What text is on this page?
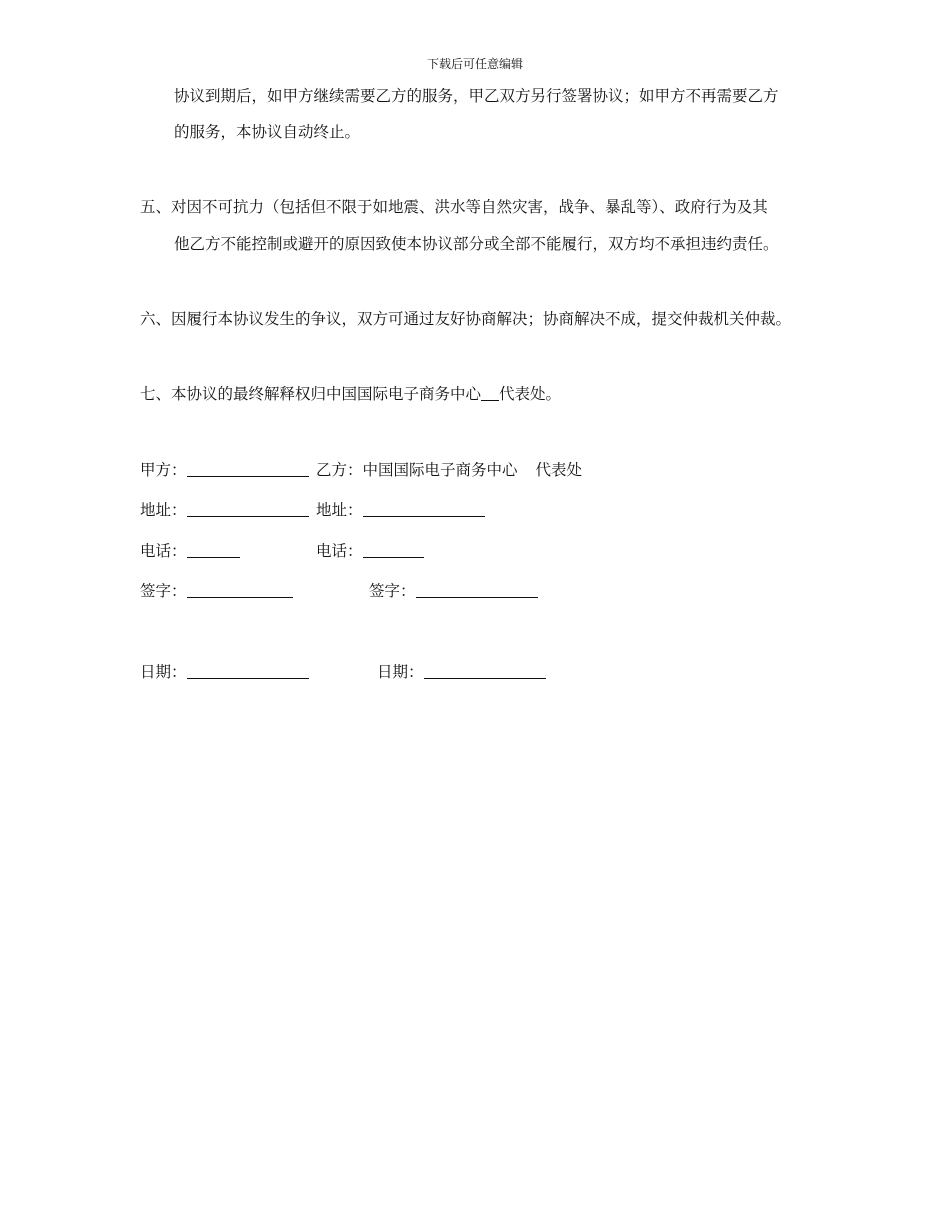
下载后可任意编辑
协议到期后，如甲方继续需要乙方的服务，甲乙双方另行签署协议；如甲方不再需要乙方
的服务，本协议自动终止。
五、对因不可抗力（包括但不限于如地震、洪水等自然灾害，战争、暴乱等）、政府行为及其
他乙方不能控制或避开的原因致使本协议部分或全部不能履行，双方均不承担违约责任。
六、因履行本协议发生的争议，双方可通过友好协商解决；协商解决不成，提交仲裁机关仲裁。
七、本协议的最终解释权归中国国际电子商务中心 代表处。
甲方：	乙方：中国国际电子商务中心 代表处
地址：	地址：
电话：	电话：
签字：	签字：
日期：	日期：
